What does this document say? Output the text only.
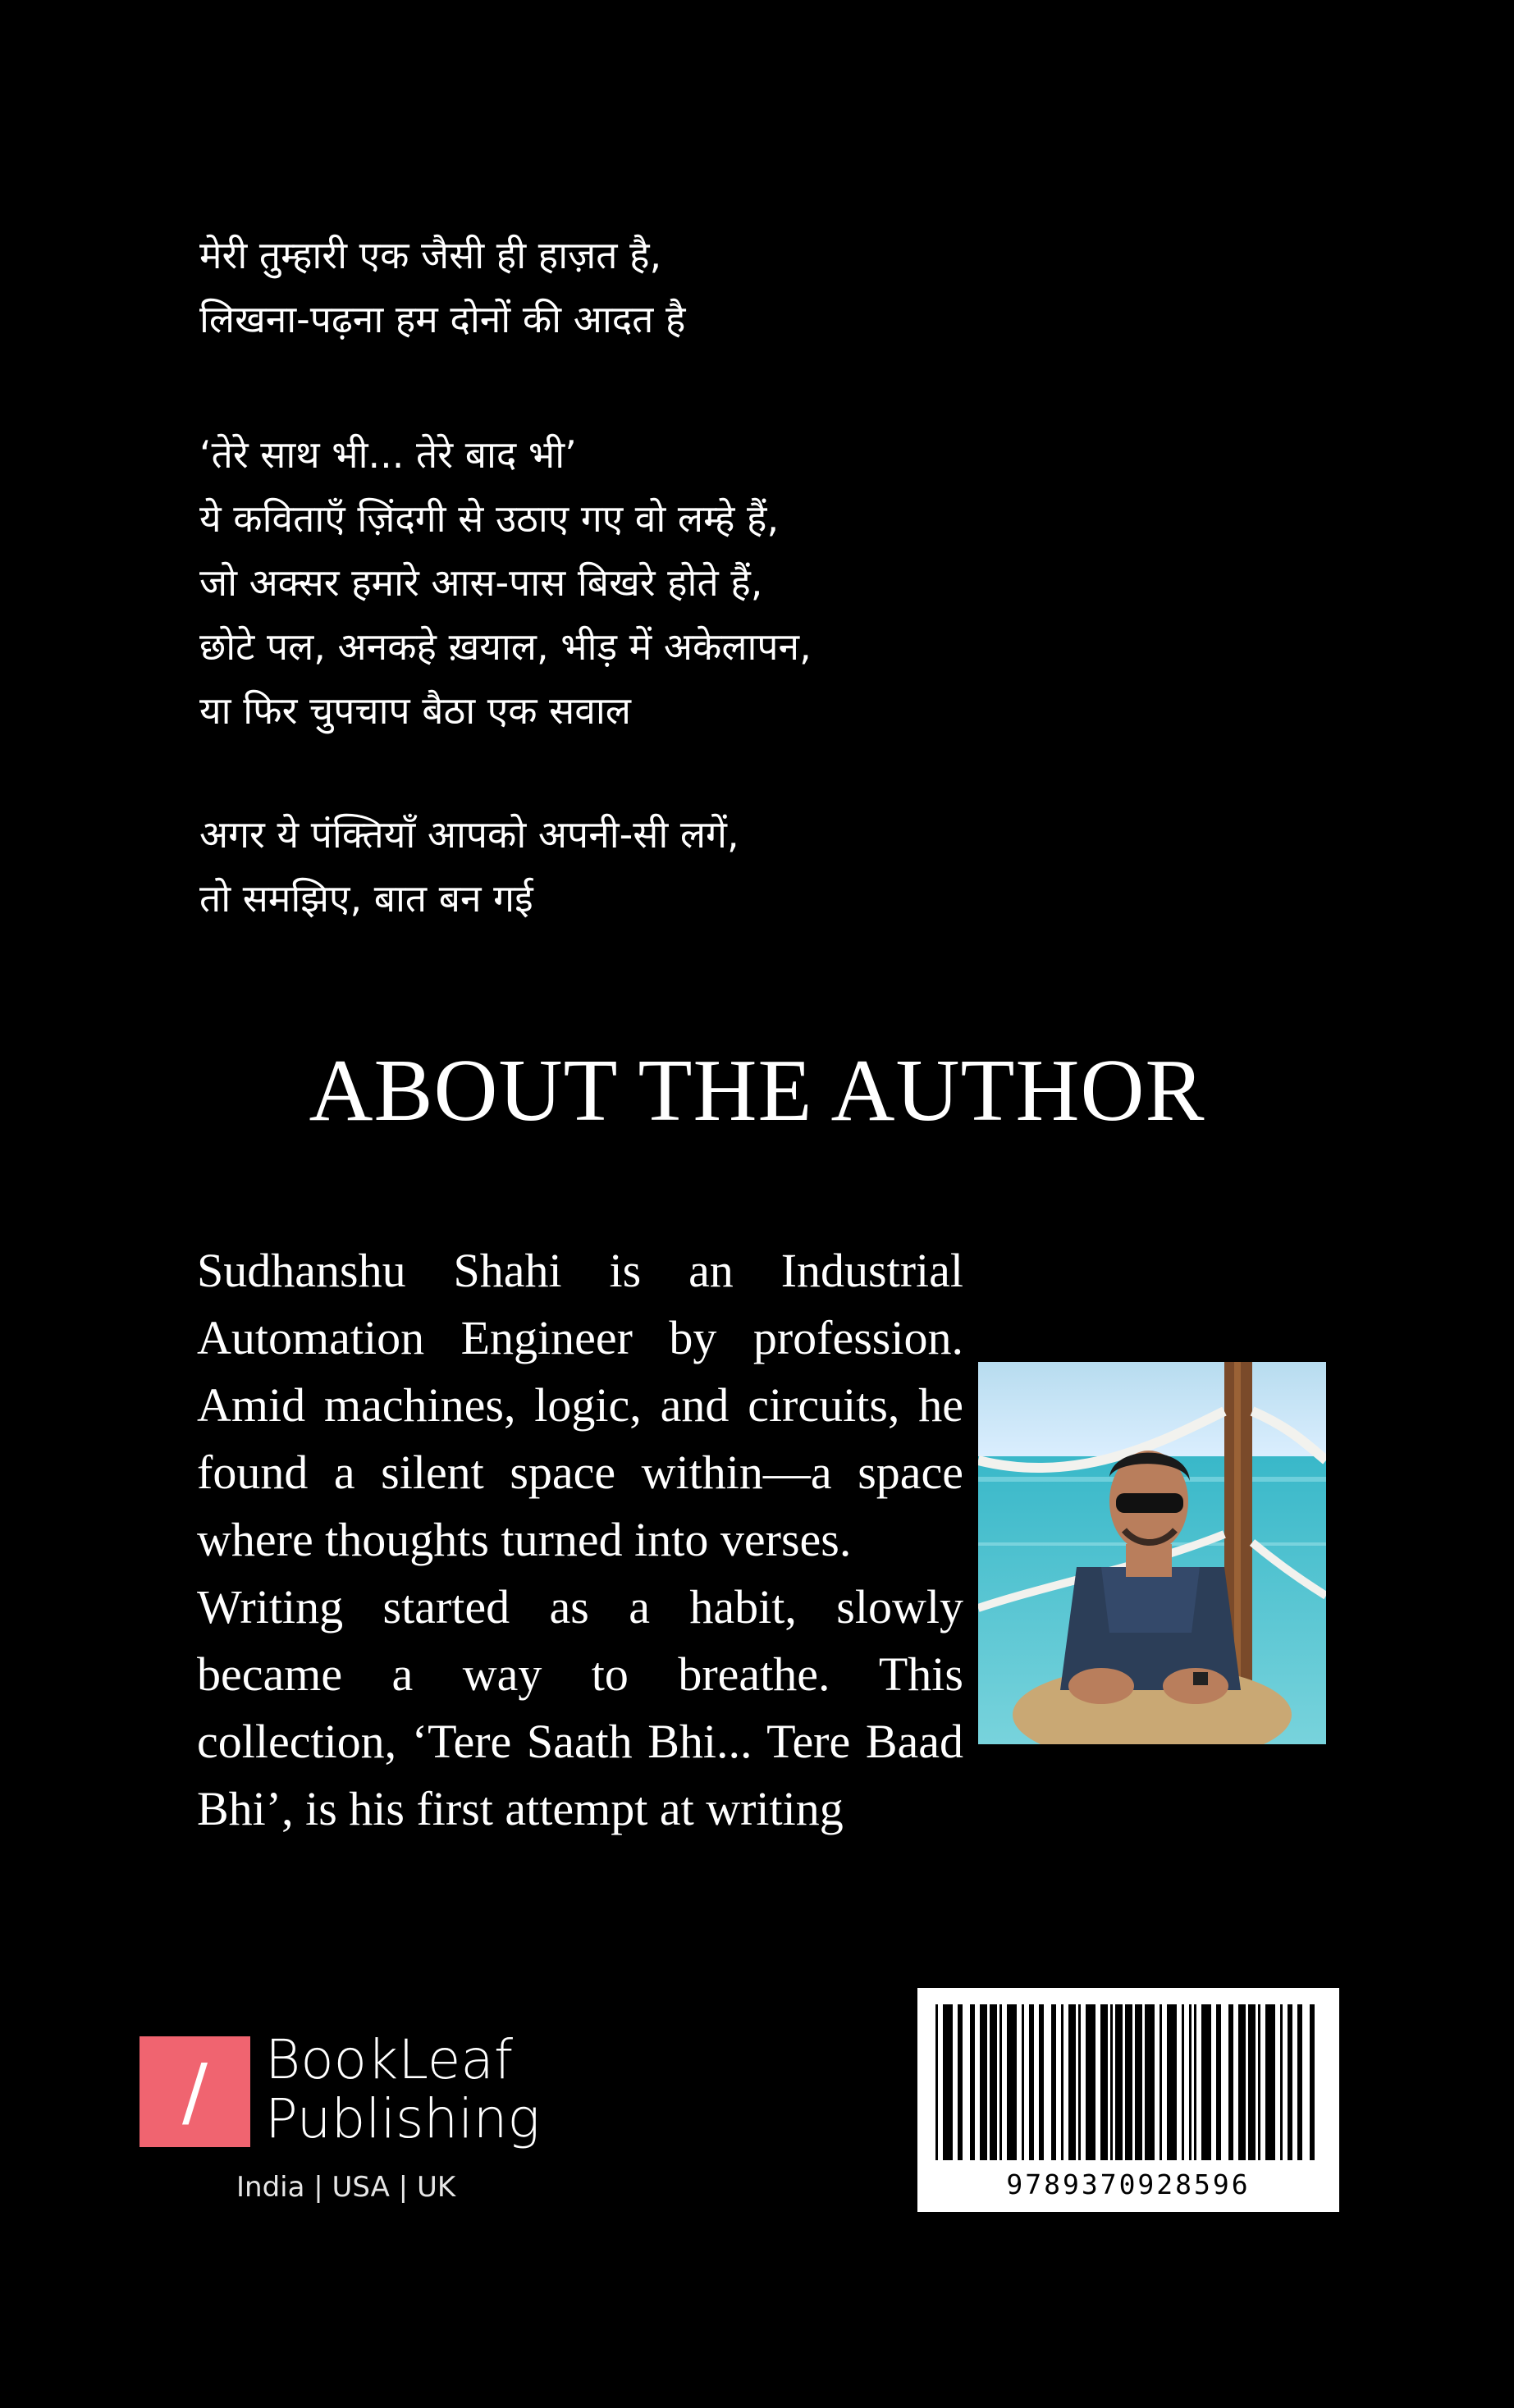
मेरी तुम्हारी एक जैसी ही हाज़त है,
लिखना-पढ़ना हम दोनों की आदत है
‘तेरे साथ भी... तेरे बाद भी’
ये कविताएँ ज़िंदगी से उठाए गए वो लम्हे हैं,
जो अक्सर हमारे आस-पास बिखरे होते हैं,
छोटे पल, अनकहे ख़याल, भीड़ में अकेलापन,
या फिर चुपचाप बैठा एक सवाल
अगर ये पंक्तियाँ आपको अपनी-सी लगें,
तो समझिए, बात बन गई
ABOUT THE AUTHOR

Sudhanshu Shahi is an Industrial Automation Engineer by profession. Amid machines, logic, and circuits, he found a silent space within—a space where thoughts turned into verses.

Writing started as a habit, slowly became a way to breathe. This collection, ‘Tere Saath Bhi... Tere Baad Bhi’, is his first attempt at writing

/	BookLeaf
Publishing
India | USA | UK	9789370928596
